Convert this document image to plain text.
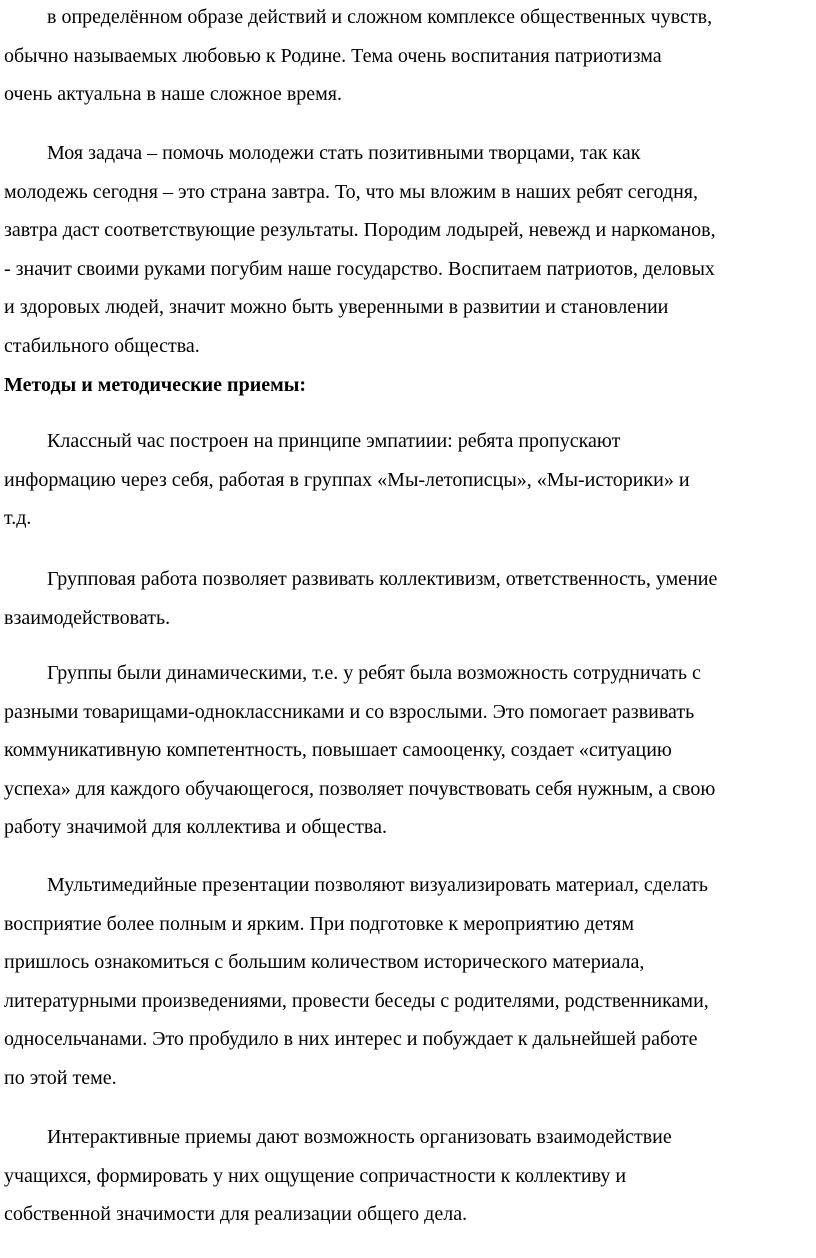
в определённом образе действий и сложном комплексе общественных чувств,
обычно называемых любовью к Родине. Тема очень воспитания патриотизма
очень актуальна в наше сложное время.

Моя задача – помочь молодежи стать позитивными творцами, так как
молодежь сегодня – это страна завтра. То, что мы вложим в наших ребят сегодня,
завтра даст соответствующие результаты. Породим лодырей, невежд и наркоманов,
- значит своими руками погубим наше государство. Воспитаем патриотов, деловых
и здоровых людей, значит можно быть уверенными в развитии и становлении
стабильного общества.

Методы и методические приемы:

Классный час построен на принципе эмпатиии: ребята пропускают
информацию через себя, работая в группах «Мы-летописцы», «Мы-историки» и
т.д.

Групповая работа позволяет развивать коллективизм, ответственность, умение
взаимодействовать.

Группы были динамическими, т.е. у ребят была возможность сотрудничать с
разными товарищами-одноклассниками и со взрослыми. Это помогает развивать
коммуникативную компетентность, повышает самооценку, создает «ситуацию
успеха» для каждого обучающегося, позволяет почувствовать себя нужным, а свою
работу значимой для коллектива и общества.

Мультимедийные презентации позволяют визуализировать материал, сделать
восприятие более полным и ярким. При подготовке к мероприятию детям
пришлось ознакомиться с большим количеством исторического материала,
литературными произведениями, провести беседы с родителями, родственниками,
односельчанами. Это пробудило в них интерес и побуждает к дальнейшей работе
по этой теме.

Интерактивные приемы дают возможность организовать взаимодействие
учащихся, формировать у них ощущение сопричастности к коллективу и
собственной значимости для реализации общего дела.
